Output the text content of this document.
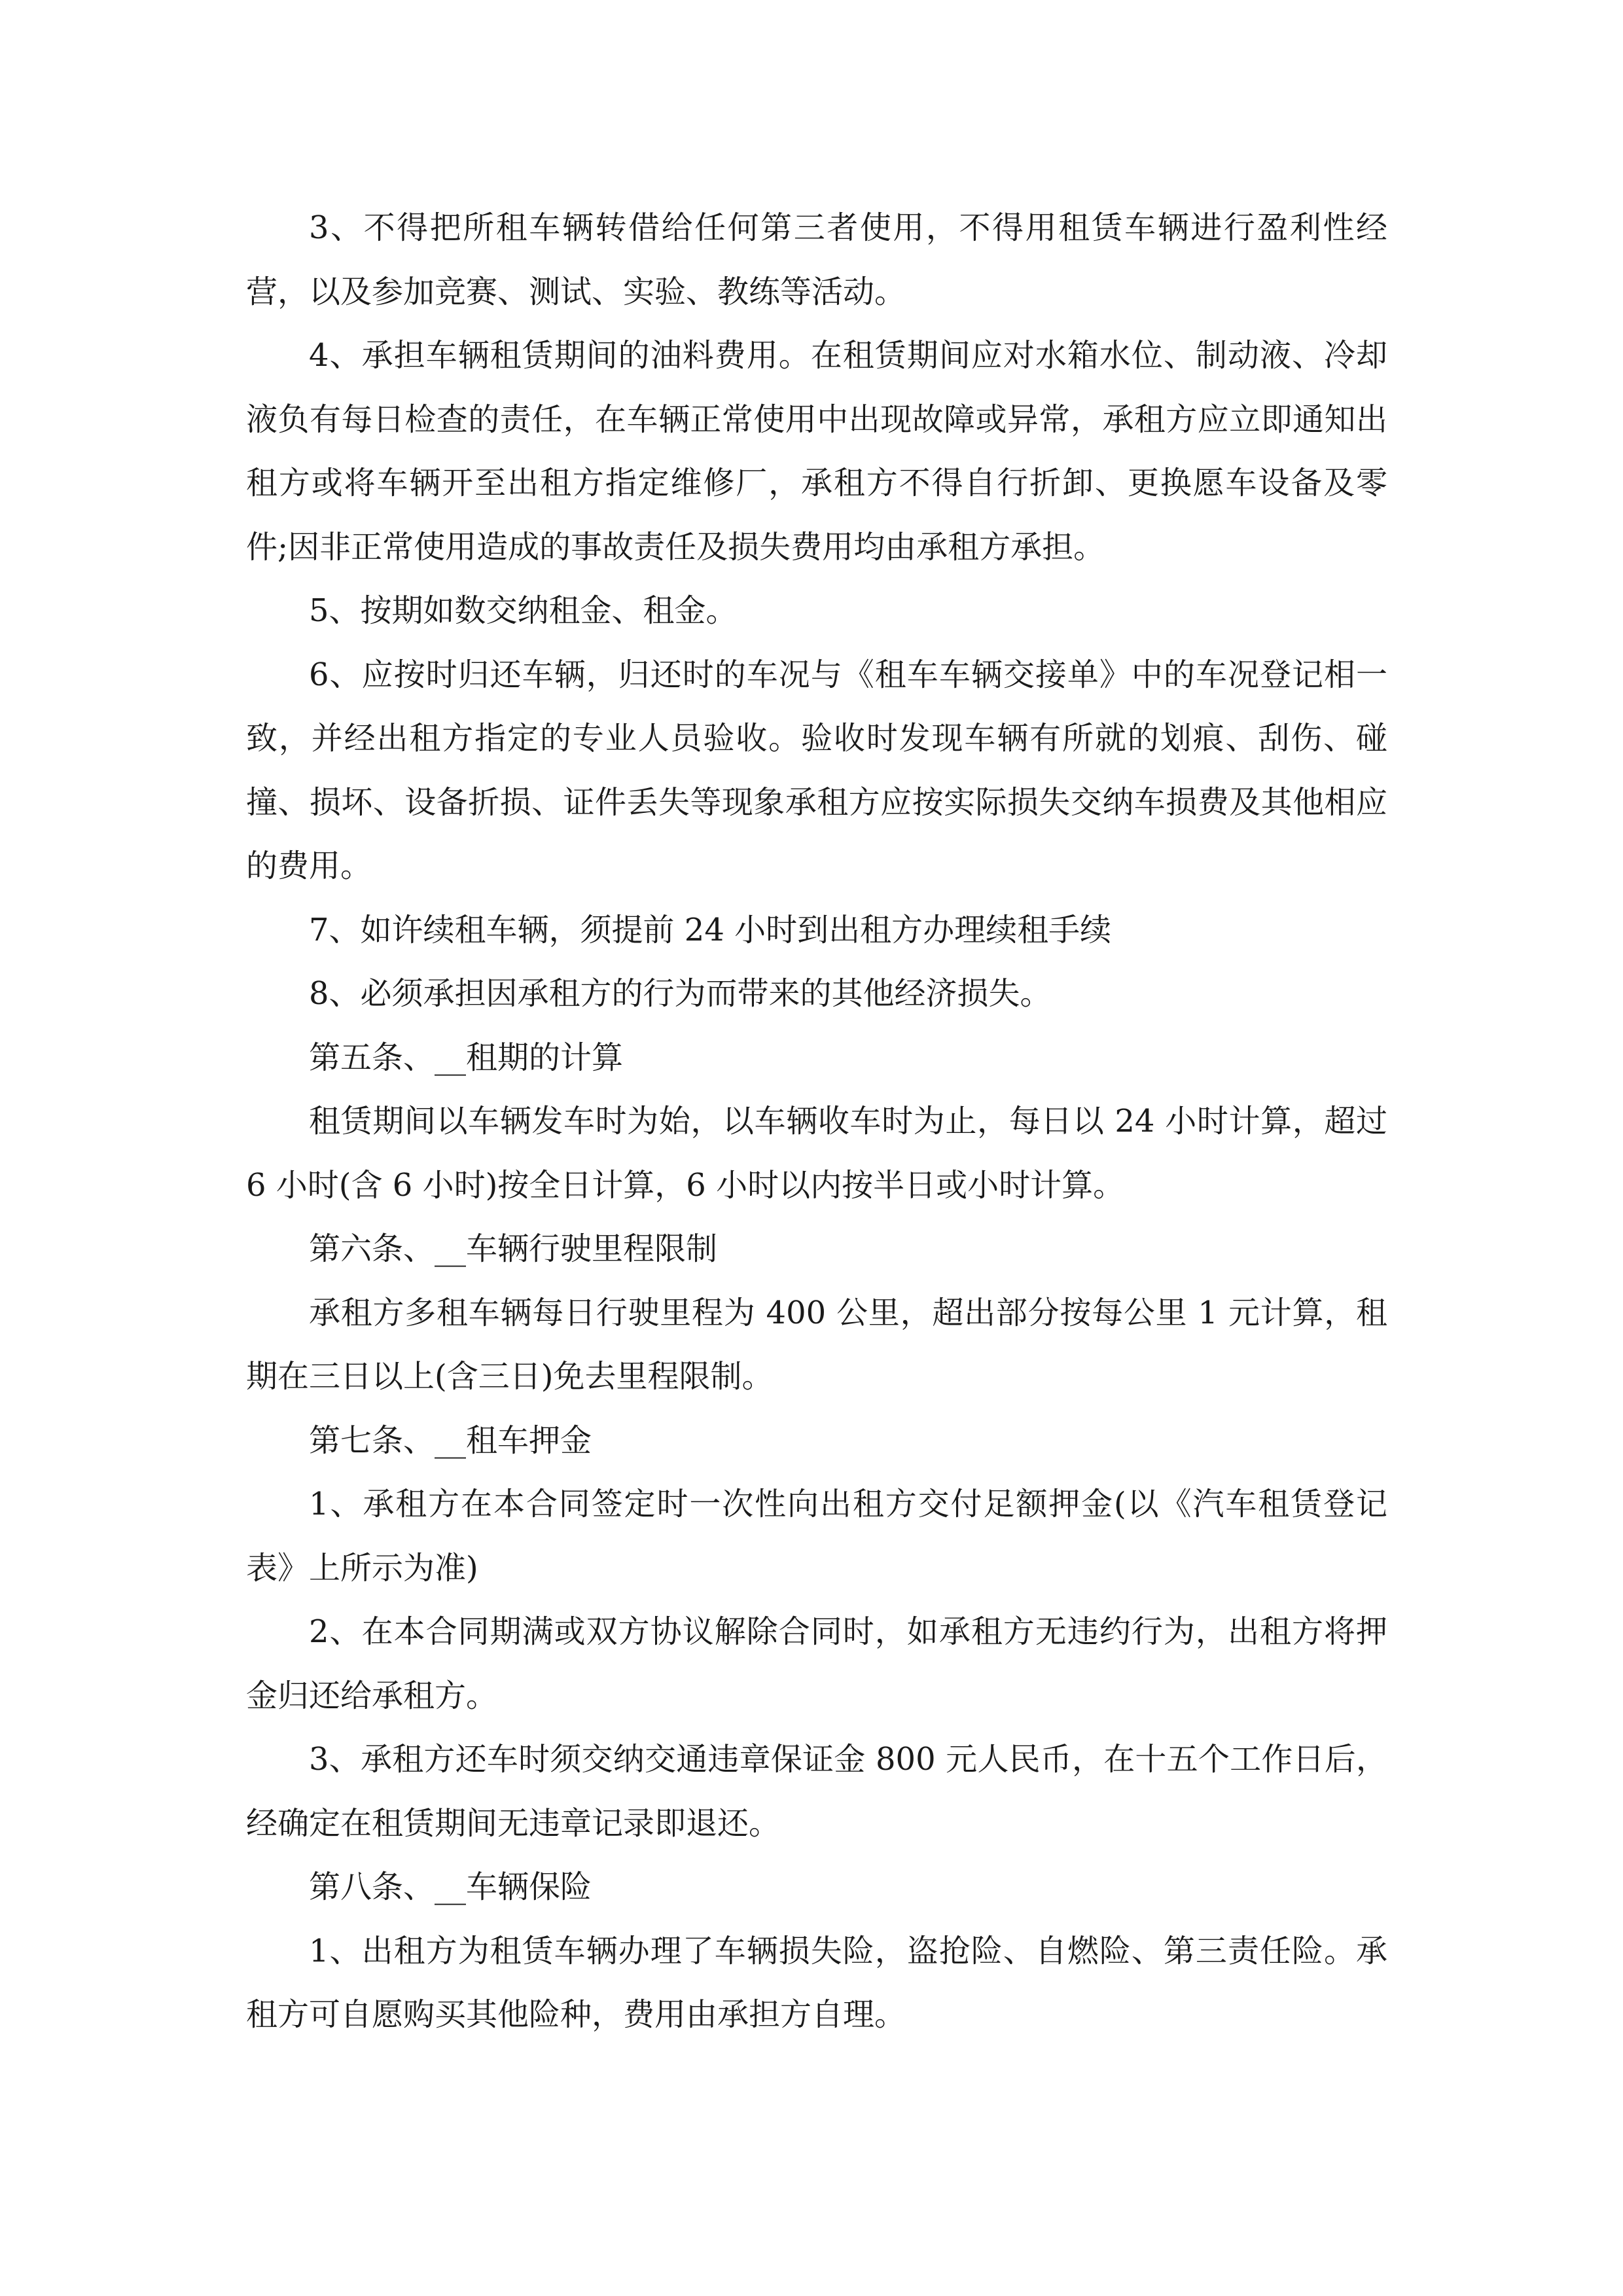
3、不得把所租车辆转借给任何第三者使用，不得用租赁车辆进行盈利性经营，以及参加竞赛、测试、实验、教练等活动。

4、承担车辆租赁期间的油料费用。在租赁期间应对水箱水位、制动液、冷却液负有每日检查的责任，在车辆正常使用中出现故障或异常，承租方应立即通知出租方或将车辆开至出租方指定维修厂，承租方不得自行折卸、更换愿车设备及零件;因非正常使用造成的事故责任及损失费用均由承租方承担。

5、按期如数交纳租金、租金。

6、应按时归还车辆，归还时的车况与《租车车辆交接单》中的车况登记相一致，并经出租方指定的专业人员验收。验收时发现车辆有所就的划痕、刮伤、碰撞、损坏、设备折损、证件丢失等现象承租方应按实际损失交纳车损费及其他相应的费用。

7、如许续租车辆，须提前 24 小时到出租方办理续租手续

8、必须承担因承租方的行为而带来的其他经济损失。

第五条、__租期的计算

租赁期间以车辆发车时为始，以车辆收车时为止，每日以 24 小时计算，超过 6 小时(含 6 小时)按全日计算，6 小时以内按半日或小时计算。

第六条、__车辆行驶里程限制

承租方多租车辆每日行驶里程为 400 公里，超出部分按每公里 1 元计算，租期在三日以上(含三日)免去里程限制。

第七条、__租车押金

1、承租方在本合同签定时一次性向出租方交付足额押金(以《汽车租赁登记表》上所示为准)

2、在本合同期满或双方协议解除合同时，如承租方无违约行为，出租方将押金归还给承租方。

3、承租方还车时须交纳交通违章保证金 800 元人民币，在十五个工作日后，经确定在租赁期间无违章记录即退还。

第八条、__车辆保险

1、出租方为租赁车辆办理了车辆损失险，盗抢险、自燃险、第三责任险。承租方可自愿购买其他险种，费用由承担方自理。
